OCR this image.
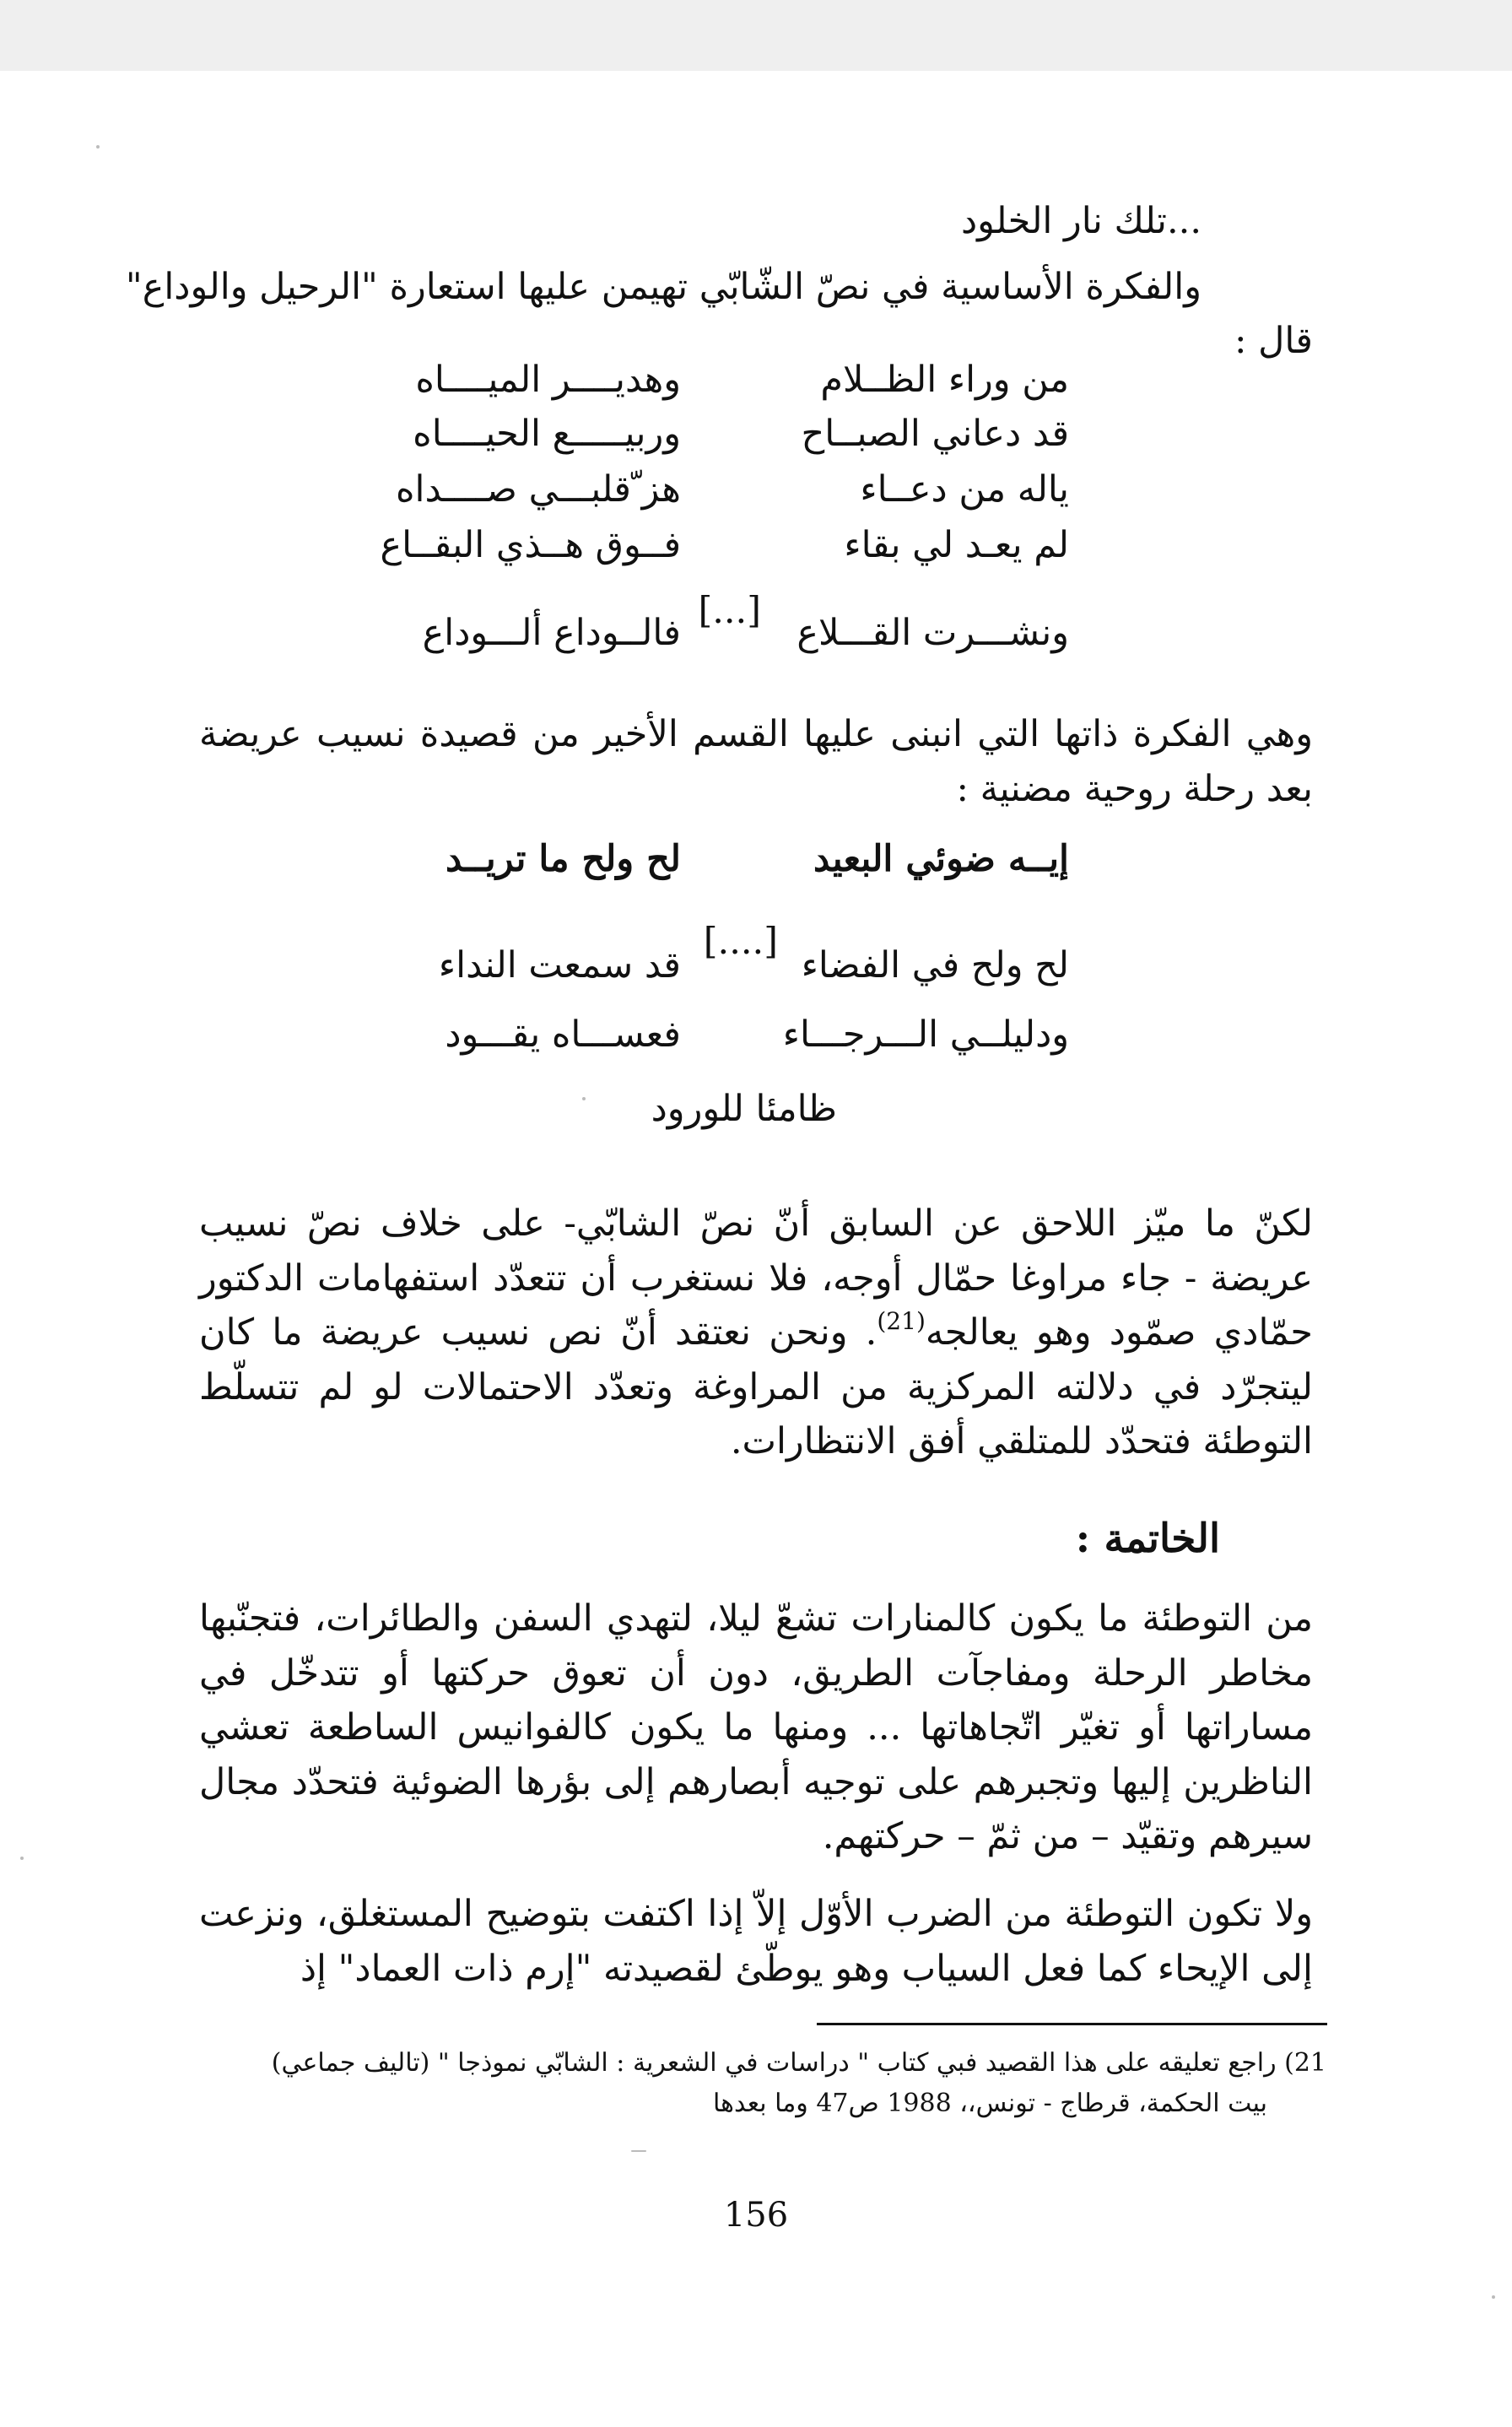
...تلك نار الخلود
والفكرة الأساسية في نصّ الشّابّي تهيمن عليها استعارة "الرحيل والوداع"
قال :
من وراء الظــلام
وهديــــر الميــــاه
قد دعاني الصبــاح
وربيـــــع الحيــــاه
ياله من دعــاء
هز ّقلبـــي صــــداه
لم يعـد لي بقاء
فــوق هــذي البقــاع
ونشـــرت القـــلاع
[...]
فالــوداع ألـــوداع
وهي الفكرة ذاتها التي انبنى عليها القسم الأخير من قصيدة نسيب عريضة بعد رحلة روحية مضنية :
إيــه ضوئي البعيد
لح ولح ما تريــد
لح ولح في الفضاء
[....]
قد سمعت النداء
ودليلــي الـــرجـــاء
فعســـاه يقـــود
ظامئا للورود
لكنّ ما ميّز اللاحق عن السابق أنّ نصّ الشابّي- على خلاف نصّ نسيب عريضة - جاء مراوغا حمّال أوجه، فلا نستغرب أن تتعدّد استفهامات الدكتور حمّادي صمّود وهو يعالجه$^{(21)}$. ونحن نعتقد أنّ نص نسيب عريضة ما كان ليتجرّد في دلالته المركزية من المراوغة وتعدّد الاحتمالات لو لم تتسلّط التوطئة فتحدّد للمتلقي أفق الانتظارات.
الخاتمة :
من التوطئة ما يكون كالمنارات تشعّ ليلا، لتهدي السفن والطائرات، فتجنّبها مخاطر الرحلة ومفاجآت الطريق، دون أن تعوق حركتها أو تتدخّل في مساراتها أو تغيّر اتّجاهاتها ... ومنها ما يكون كالفوانيس الساطعة تعشي الناظرين إليها وتجبرهم على توجيه أبصارهم إلى بؤرها الضوئية فتحدّد مجال سيرهم وتقيّد – من ثمّ – حركتهم.
ولا تكون التوطئة من الضرب الأوّل إلاّ إذا اكتفت بتوضيح المستغلق، ونزعت إلى الإيحاء كما فعل السياب وهو يوطّئ لقصيدته "إرم ذات العماد" إذ
21) راجع تعليقه على هذا القصيد فبي كتاب " دراسات في الشعرية : الشابّي نموذجا " (تاليف جماعي)
بيت الحكمة، قرطاج - تونس،، 1988 ص47 وما بعدها
156
